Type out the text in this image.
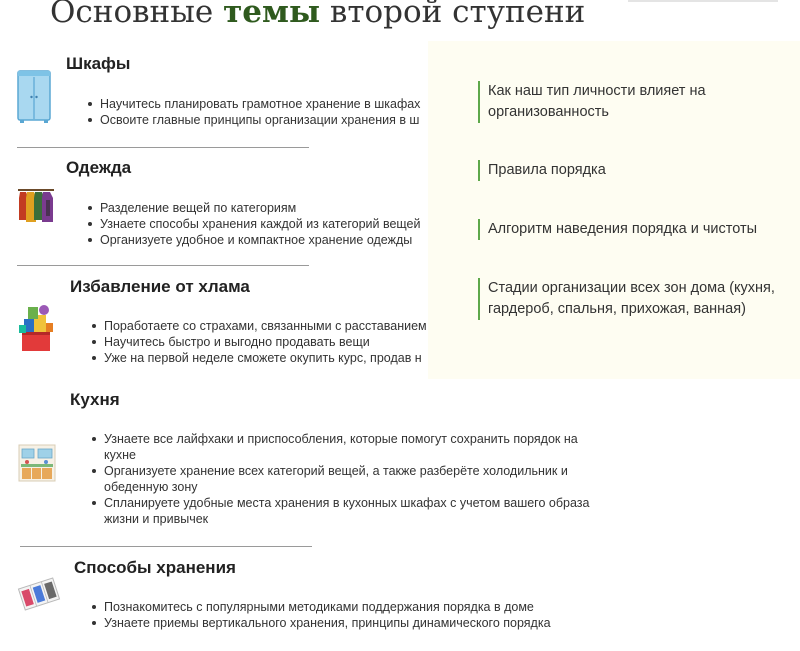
Основные темы второй ступени
Шкафы
Научитесь планировать грамотное хранение в шкафах
Освоите главные принципы организации хранения в ш
Одежда
Разделение вещей по категориям
Узнаете способы хранения каждой из категорий вещей
Организуете удобное и компактное хранение одежды
Избавление от хлама
Поработаете со страхами, связанными с расставанием
Научитесь быстро и выгодно продавать вещи
Уже на первой неделе сможете окупить курс, продав н
Кухня
Узнаете все лайфхаки и приспособления, которые помогут сохранить порядок на кухне
Организуете хранение всех категорий вещей, а также разберёте холодильник и обеденную зону
Спланируете удобные места хранения в кухонных шкафах с учетом вашего образа жизни и привычек
Способы хранения
Познакомитесь с популярными методиками поддержания порядка в доме
Узнаете приемы вертикального хранения, принципы динамического порядка
Как наш тип личности влияет на организованность
Правила порядка
Алгоритм наведения порядка и чистоты
Стадии организации всех зон дома (кухня, гардероб, спальня, прихожая, ванная)
